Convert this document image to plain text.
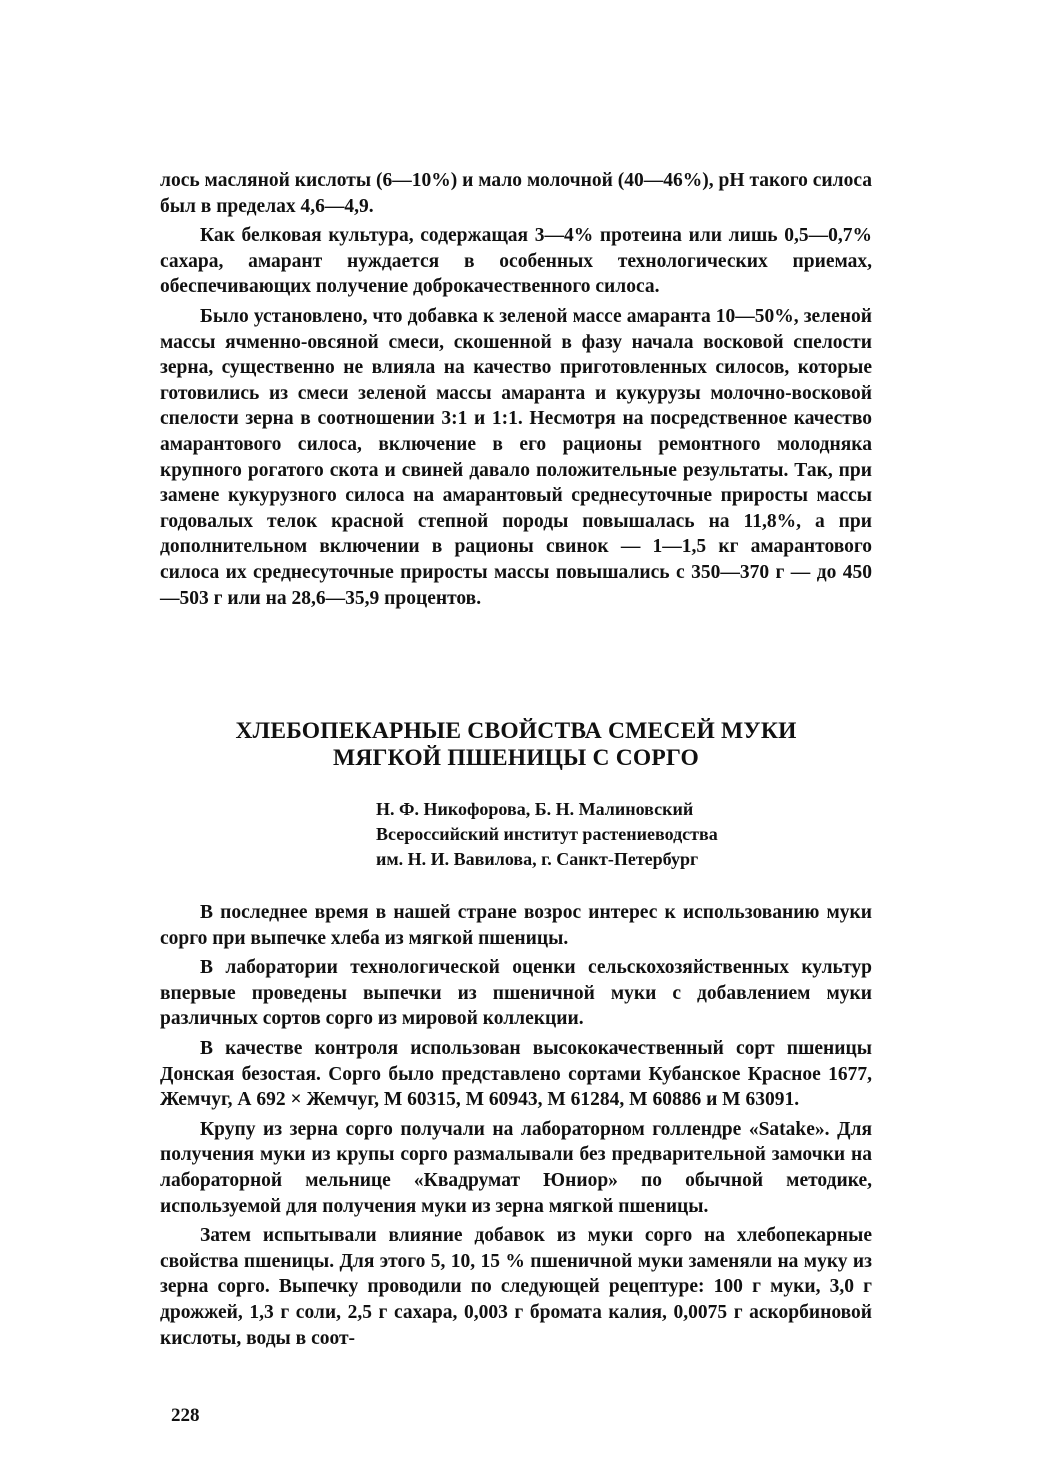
лось масляной кислоты (6—10%) и мало молочной (40—46%), рН такого силоса был в пределах 4,6—4,9.

Как белковая культура, содержащая 3—4% протеина или лишь 0,5—0,7% сахара, амарант нуждается в особенных технологических приемах, обеспечивающих получение доброкачественного силоса.

Было установлено, что добавка к зеленой массе амаранта 10—50%, зеленой массы ячменно-овсяной смеси, скошенной в фазу начала восковой спелости зерна, существенно не влияла на качество приготовленных силосов, которые готовились из смеси зеленой массы амаранта и кукурузы молочно-восковой спелости зерна в соотношении 3:1 и 1:1. Несмотря на посредственное качество амарантового силоса, включение в его рационы ремонтного молодняка крупного рогатого скота и свиней давало положительные результаты. Так, при замене кукурузного силоса на амарантовый среднесуточные приросты массы годовалых телок красной степной породы повышалась на 11,8%, а при дополнительном включении в рационы свинок — 1—1,5 кг амарантового силоса их среднесуточные приросты массы повышались с 350—370 г — до 450—503 г или на 28,6—35,9 процентов.

ХЛЕБОПЕКАРНЫЕ СВОЙСТВА СМЕСЕЙ МУКИ
МЯГКОЙ ПШЕНИЦЫ С СОРГО
Н. Ф. Никофорова, Б. Н. Малиновский
Всероссийский институт растениеводства
им. Н. И. Вавилова, г. Санкт-Петербург

В последнее время в нашей стране возрос интерес к использованию муки сорго при выпечке хлеба из мягкой пшеницы.

В лаборатории технологической оценки сельскохозяйственных культур впервые проведены выпечки из пшеничной муки с добавлением муки различных сортов сорго из мировой коллекции.

В качестве контроля использован высококачественный сорт пшеницы Донская безостая. Сорго было представлено сортами Кубанское Красное 1677, Жемчуг, А 692 × Жемчуг, М 60315, М 60943, М 61284, М 60886 и М 63091.

Крупу из зерна сорго получали на лабораторном голлендре «Satake». Для получения муки из крупы сорго размалывали без предварительной замочки на лабораторной мельнице «Квадрумат Юниор» по обычной методике, используемой для получения муки из зерна мягкой пшеницы.

Затем испытывали влияние добавок из муки сорго на хлебопекарные свойства пшеницы. Для этого 5, 10, 15 % пшеничной муки заменяли на муку из зерна сорго. Выпечку проводили по следующей рецептуре: 100 г муки, 3,0 г дрожжей, 1,3 г соли, 2,5 г сахара, 0,003 г бромата калия, 0,0075 г аскорбиновой кислоты, воды в соот-

228
